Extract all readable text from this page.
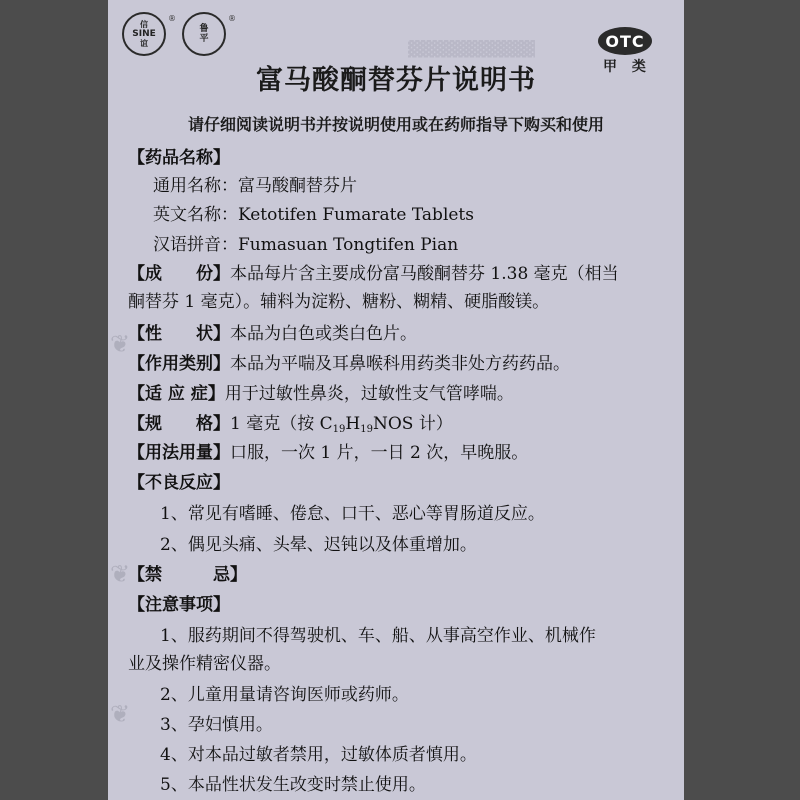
▓▓▓▓▓▓▓▓▓▓▓
❦
❦
❦
信
SINE
谊
®
鲁
平
®
OTC
甲 类
富马酸酮替芬片说明书
请仔细阅读说明书并按说明使用或在药师指导下购买和使用
【药品名称】
通用名称：富马酸酮替芬片
英文名称：Ketotifen Fumarate Tablets
汉语拼音：Fumasuan Tongtifen Pian
【成　　份】本品每片含主要成份富马酸酮替芬 1.38 毫克（相当
酮替芬 1 毫克）。辅料为淀粉、糖粉、糊精、硬脂酸镁。
【性　　状】本品为白色或类白色片。
【作用类别】本品为平喘及耳鼻喉科用药类非处方药药品。
【适 应 症】用于过敏性鼻炎，过敏性支气管哮喘。
【规　　格】1 毫克（按 $C_{19}H_{19}NOS$ 计）
【用法用量】口服，一次 1 片，一日 2 次，早晚服。
【不良反应】
1、常见有嗜睡、倦怠、口干、恶心等胃肠道反应。
2、偶见头痛、头晕、迟钝以及体重增加。
【禁　　　忌】
【注意事项】
1、服药期间不得驾驶机、车、船、从事高空作业、机械作
业及操作精密仪器。
2、儿童用量请咨询医师或药师。
3、孕妇慎用。
4、对本品过敏者禁用，过敏体质者慎用。
5、本品性状发生改变时禁止使用。
